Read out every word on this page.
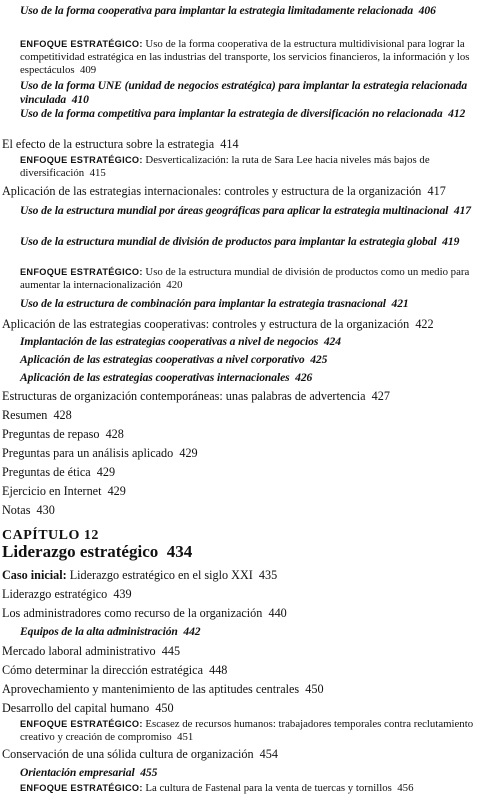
Uso de la forma cooperativa para implantar la estrategia limitadamente relacionada 406
ENFOQUE ESTRATÉGICO: Uso de la forma cooperativa de la estructura multidivisional para lograr la competitividad estratégica en las industrias del transporte, los servicios financieros, la información y los espectáculos 409
Uso de la forma UNE (unidad de negocios estratégica) para implantar la estrategia relacionada vinculada 410
Uso de la forma competitiva para implantar la estrategia de diversificación no relacionada 412
El efecto de la estructura sobre la estrategia 414
ENFOQUE ESTRATÉGICO: Desverticalización: la ruta de Sara Lee hacia niveles más bajos de diversificación 415
Aplicación de las estrategias internacionales: controles y estructura de la organización 417
Uso de la estructura mundial por áreas geográficas para aplicar la estrategia multinacional 417
Uso de la estructura mundial de división de productos para implantar la estrategia global 419
ENFOQUE ESTRATÉGICO: Uso de la estructura mundial de división de productos como un medio para aumentar la internacionalización 420
Uso de la estructura de combinación para implantar la estrategia trasnacional 421
Aplicación de las estrategias cooperativas: controles y estructura de la organización 422
Implantación de las estrategias cooperativas a nivel de negocios 424
Aplicación de las estrategias cooperativas a nivel corporativo 425
Aplicación de las estrategias cooperativas internacionales 426
Estructuras de organización contemporáneas: unas palabras de advertencia 427
Resumen 428
Preguntas de repaso 428
Preguntas para un análisis aplicado 429
Preguntas de ética 429
Ejercicio en Internet 429
Notas 430
Caso inicial: Liderazgo estratégico en el siglo XXI 435
Liderazgo estratégico 439
Los administradores como recurso de la organización 440
Equipos de la alta administración 442
Mercado laboral administrativo 445
Cómo determinar la dirección estratégica 448
Aprovechamiento y mantenimiento de las aptitudes centrales 450
Desarrollo del capital humano 450
ENFOQUE ESTRATÉGICO: Escasez de recursos humanos: trabajadores temporales contra reclutamiento creativo y creación de compromiso 451
Conservación de una sólida cultura de organización 454
Orientación empresarial 455
ENFOQUE ESTRATÉGICO: La cultura de Fastenal para la venta de tuercas y tornillos 456
CAPÍTULO 12
Liderazgo estratégico 434
